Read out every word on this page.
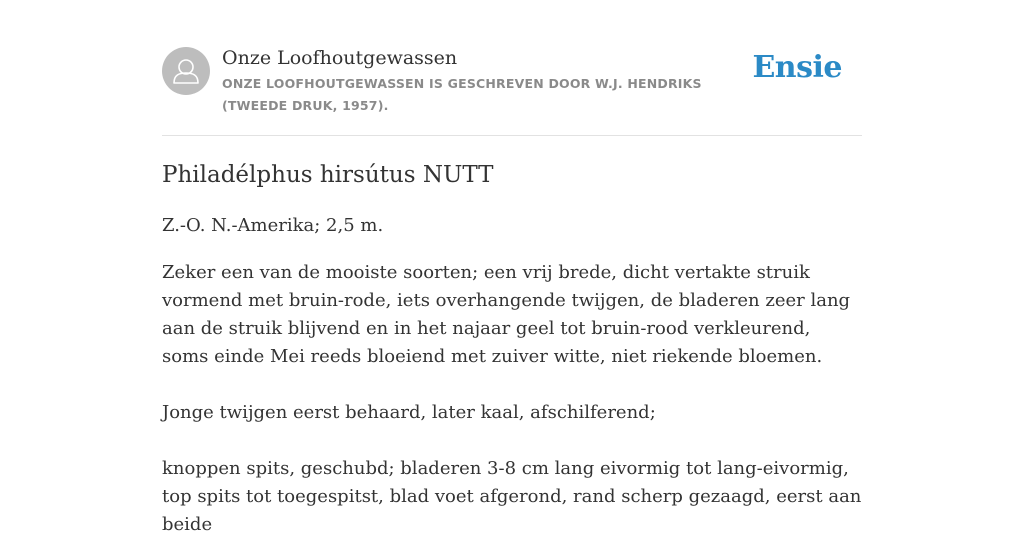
Onze Loofhoutgewassen
ONZE LOOFHOUTGEWASSEN IS GESCHREVEN DOOR W.J. HENDRIKS (TWEEDE DRUK, 1957).
Ensie
Philadélphus hirsútus NUTT
Z.-O. N.-Amerika; 2,5 m.
Zeker een van de mooiste soorten; een vrij brede, dicht vertakte struik vormend met bruin-rode, iets overhangende twijgen, de bladeren zeer lang aan de struik blijvend en in het najaar geel tot bruin-rood verkleurend, soms einde Mei reeds bloeiend met zuiver witte, niet riekende bloemen.
Jonge twijgen eerst behaard, later kaal, afschilferend;
knoppen spits, geschubd; bladeren 3-8 cm lang eivormig tot lang-eivormig, top spits tot toegespitst, blad voet afgerond, rand scherp gezaagd, eerst aan beide
